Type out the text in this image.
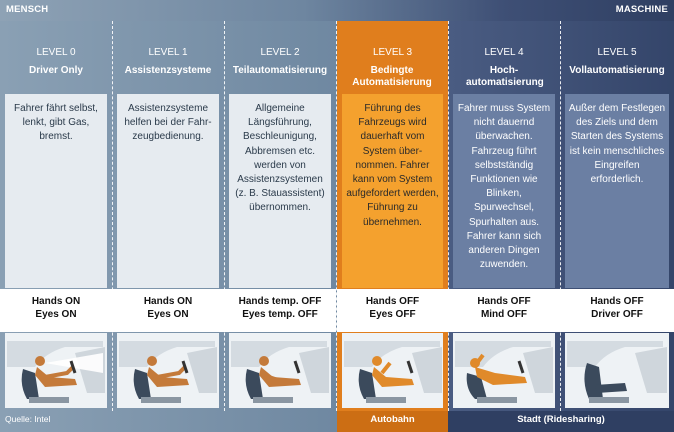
MENSCH	MASCHINE
LEVEL 0
Driver Only
Fahrer fährt selbst, lenkt, gibt Gas, bremst.
Hands ON
Eyes ON
LEVEL 1
Assistenzsysteme
Assistenzsysteme helfen bei der Fahr-zeugbedienung.
Hands ON
Eyes ON
LEVEL 2
Teilautomatisierung
Allgemeine Längsführung, Beschleunigung, Abbremsen etc. werden von Assistenzsystemen (z. B. Stauassistent) übernommen.
Hands temp. OFF
Eyes temp. OFF
LEVEL 3
Bedingte Automatisierung
Führung des Fahrzeugs wird dauerhaft vom System über-nommen. Fahrer kann vom System aufgefordert werden, Führung zu übernehmen.
Hands OFF
Eyes OFF
LEVEL 4
Hoch-automatisierung
Fahrer muss System nicht dauernd überwachen. Fahrzeug führt selbstständig Funktionen wie Blinken, Spurwechsel, Spurhalten aus. Fahrer kann sich anderen Dingen zuwenden.
Hands OFF
Mind OFF
LEVEL 5
Vollautomatisierung
Außer dem Festlegen des Ziels und dem Starten des Systems ist kein menschliches Eingreifen erforderlich.
Hands OFF
Driver OFF
Quelle: Intel	Autobahn	Stadt (Ridesharing)
